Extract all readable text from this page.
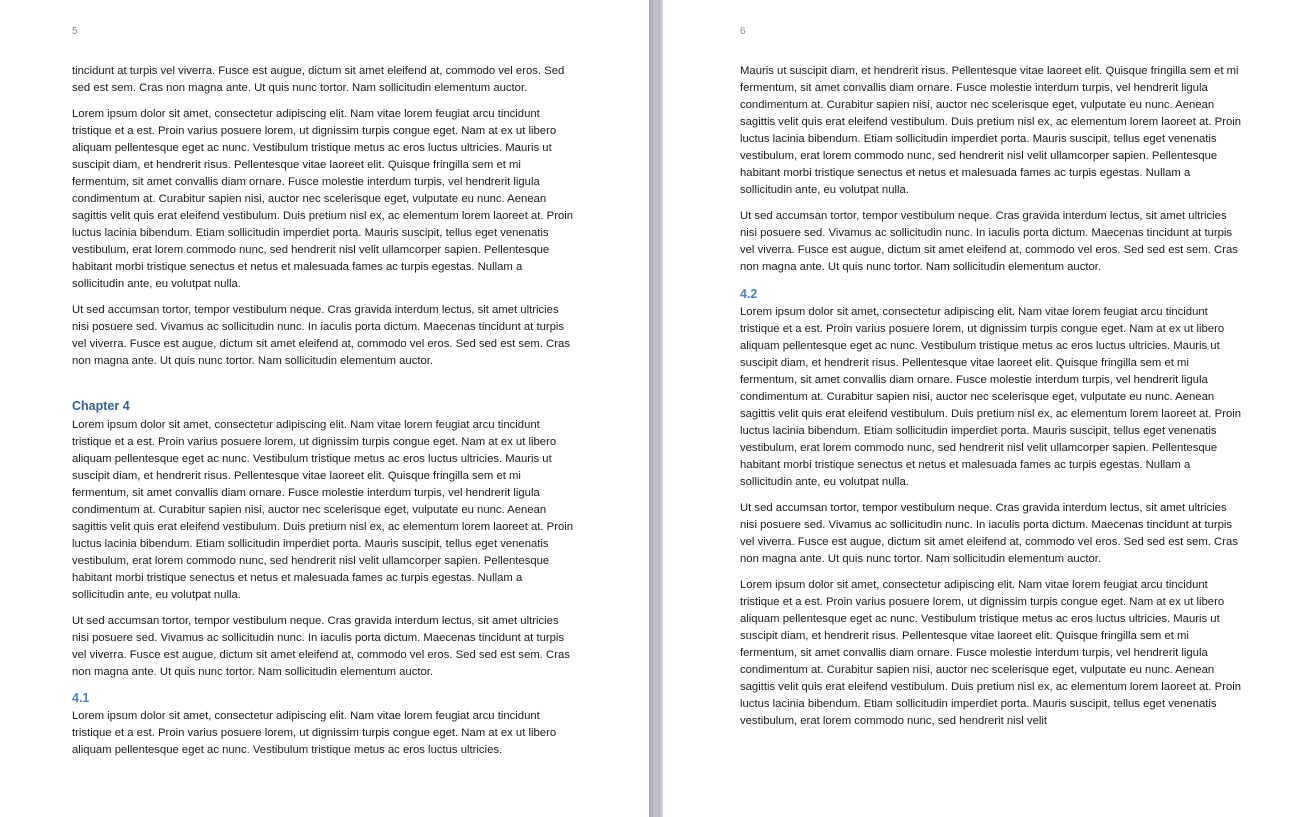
5

tincidunt at turpis vel viverra. Fusce est augue, dictum sit amet eleifend at, commodo vel eros. Sed sed est sem. Cras non magna ante. Ut quis nunc tortor. Nam sollicitudin elementum auctor.

Lorem ipsum dolor sit amet, consectetur adipiscing elit. Nam vitae lorem feugiat arcu tincidunt tristique et a est. Proin varius posuere lorem, ut dignissim turpis congue eget. Nam at ex ut libero aliquam pellentesque eget ac nunc. Vestibulum tristique metus ac eros luctus ultricies. Mauris ut suscipit diam, et hendrerit risus. Pellentesque vitae laoreet elit. Quisque fringilla sem et mi fermentum, sit amet convallis diam ornare. Fusce molestie interdum turpis, vel hendrerit ligula condimentum at. Curabitur sapien nisi, auctor nec scelerisque eget, vulputate eu nunc. Aenean sagittis velit quis erat eleifend vestibulum. Duis pretium nisl ex, ac elementum lorem laoreet at. Proin luctus lacinia bibendum. Etiam sollicitudin imperdiet porta. Mauris suscipit, tellus eget venenatis vestibulum, erat lorem commodo nunc, sed hendrerit nisl velit ullamcorper sapien. Pellentesque habitant morbi tristique senectus et netus et malesuada fames ac turpis egestas. Nullam a sollicitudin ante, eu volutpat nulla.

Ut sed accumsan tortor, tempor vestibulum neque. Cras gravida interdum lectus, sit amet ultricies nisi posuere sed. Vivamus ac sollicitudin nunc. In iaculis porta dictum. Maecenas tincidunt at turpis vel viverra. Fusce est augue, dictum sit amet eleifend at, commodo vel eros. Sed sed est sem. Cras non magna ante. Ut quis nunc tortor. Nam sollicitudin elementum auctor.

Chapter 4

Lorem ipsum dolor sit amet, consectetur adipiscing elit. Nam vitae lorem feugiat arcu tincidunt tristique et a est. Proin varius posuere lorem, ut dignissim turpis congue eget. Nam at ex ut libero aliquam pellentesque eget ac nunc. Vestibulum tristique metus ac eros luctus ultricies. Mauris ut suscipit diam, et hendrerit risus. Pellentesque vitae laoreet elit. Quisque fringilla sem et mi fermentum, sit amet convallis diam ornare. Fusce molestie interdum turpis, vel hendrerit ligula condimentum at. Curabitur sapien nisi, auctor nec scelerisque eget, vulputate eu nunc. Aenean sagittis velit quis erat eleifend vestibulum. Duis pretium nisl ex, ac elementum lorem laoreet at. Proin luctus lacinia bibendum. Etiam sollicitudin imperdiet porta. Mauris suscipit, tellus eget venenatis vestibulum, erat lorem commodo nunc, sed hendrerit nisl velit ullamcorper sapien. Pellentesque habitant morbi tristique senectus et netus et malesuada fames ac turpis egestas. Nullam a sollicitudin ante, eu volutpat nulla.

Ut sed accumsan tortor, tempor vestibulum neque. Cras gravida interdum lectus, sit amet ultricies nisi posuere sed. Vivamus ac sollicitudin nunc. In iaculis porta dictum. Maecenas tincidunt at turpis vel viverra. Fusce est augue, dictum sit amet eleifend at, commodo vel eros. Sed sed est sem. Cras non magna ante. Ut quis nunc tortor. Nam sollicitudin elementum auctor.

4.1

Lorem ipsum dolor sit amet, consectetur adipiscing elit. Nam vitae lorem feugiat arcu tincidunt tristique et a est. Proin varius posuere lorem, ut dignissim turpis congue eget. Nam at ex ut libero aliquam pellentesque eget ac nunc. Vestibulum tristique metus ac eros luctus ultricies.

6

Mauris ut suscipit diam, et hendrerit risus. Pellentesque vitae laoreet elit. Quisque fringilla sem et mi fermentum, sit amet convallis diam ornare. Fusce molestie interdum turpis, vel hendrerit ligula condimentum at. Curabitur sapien nisi, auctor nec scelerisque eget, vulputate eu nunc. Aenean sagittis velit quis erat eleifend vestibulum. Duis pretium nisl ex, ac elementum lorem laoreet at. Proin luctus lacinia bibendum. Etiam sollicitudin imperdiet porta. Mauris suscipit, tellus eget venenatis vestibulum, erat lorem commodo nunc, sed hendrerit nisl velit ullamcorper sapien. Pellentesque habitant morbi tristique senectus et netus et malesuada fames ac turpis egestas. Nullam a sollicitudin ante, eu volutpat nulla.

Ut sed accumsan tortor, tempor vestibulum neque. Cras gravida interdum lectus, sit amet ultricies nisi posuere sed. Vivamus ac sollicitudin nunc. In iaculis porta dictum. Maecenas tincidunt at turpis vel viverra. Fusce est augue, dictum sit amet eleifend at, commodo vel eros. Sed sed est sem. Cras non magna ante. Ut quis nunc tortor. Nam sollicitudin elementum auctor.

4.2

Lorem ipsum dolor sit amet, consectetur adipiscing elit. Nam vitae lorem feugiat arcu tincidunt tristique et a est. Proin varius posuere lorem, ut dignissim turpis congue eget. Nam at ex ut libero aliquam pellentesque eget ac nunc. Vestibulum tristique metus ac eros luctus ultricies. Mauris ut suscipit diam, et hendrerit risus. Pellentesque vitae laoreet elit. Quisque fringilla sem et mi fermentum, sit amet convallis diam ornare. Fusce molestie interdum turpis, vel hendrerit ligula condimentum at. Curabitur sapien nisi, auctor nec scelerisque eget, vulputate eu nunc. Aenean sagittis velit quis erat eleifend vestibulum. Duis pretium nisl ex, ac elementum lorem laoreet at. Proin luctus lacinia bibendum. Etiam sollicitudin imperdiet porta. Mauris suscipit, tellus eget venenatis vestibulum, erat lorem commodo nunc, sed hendrerit nisl velit ullamcorper sapien. Pellentesque habitant morbi tristique senectus et netus et malesuada fames ac turpis egestas. Nullam a sollicitudin ante, eu volutpat nulla.

Ut sed accumsan tortor, tempor vestibulum neque. Cras gravida interdum lectus, sit amet ultricies nisi posuere sed. Vivamus ac sollicitudin nunc. In iaculis porta dictum. Maecenas tincidunt at turpis vel viverra. Fusce est augue, dictum sit amet eleifend at, commodo vel eros. Sed sed est sem. Cras non magna ante. Ut quis nunc tortor. Nam sollicitudin elementum auctor.

Lorem ipsum dolor sit amet, consectetur adipiscing elit. Nam vitae lorem feugiat arcu tincidunt tristique et a est. Proin varius posuere lorem, ut dignissim turpis congue eget. Nam at ex ut libero aliquam pellentesque eget ac nunc. Vestibulum tristique metus ac eros luctus ultricies. Mauris ut suscipit diam, et hendrerit risus. Pellentesque vitae laoreet elit. Quisque fringilla sem et mi fermentum, sit amet convallis diam ornare. Fusce molestie interdum turpis, vel hendrerit ligula condimentum at. Curabitur sapien nisi, auctor nec scelerisque eget, vulputate eu nunc. Aenean sagittis velit quis erat eleifend vestibulum. Duis pretium nisl ex, ac elementum lorem laoreet at. Proin luctus lacinia bibendum. Etiam sollicitudin imperdiet porta. Mauris suscipit, tellus eget venenatis vestibulum, erat lorem commodo nunc, sed hendrerit nisl velit
